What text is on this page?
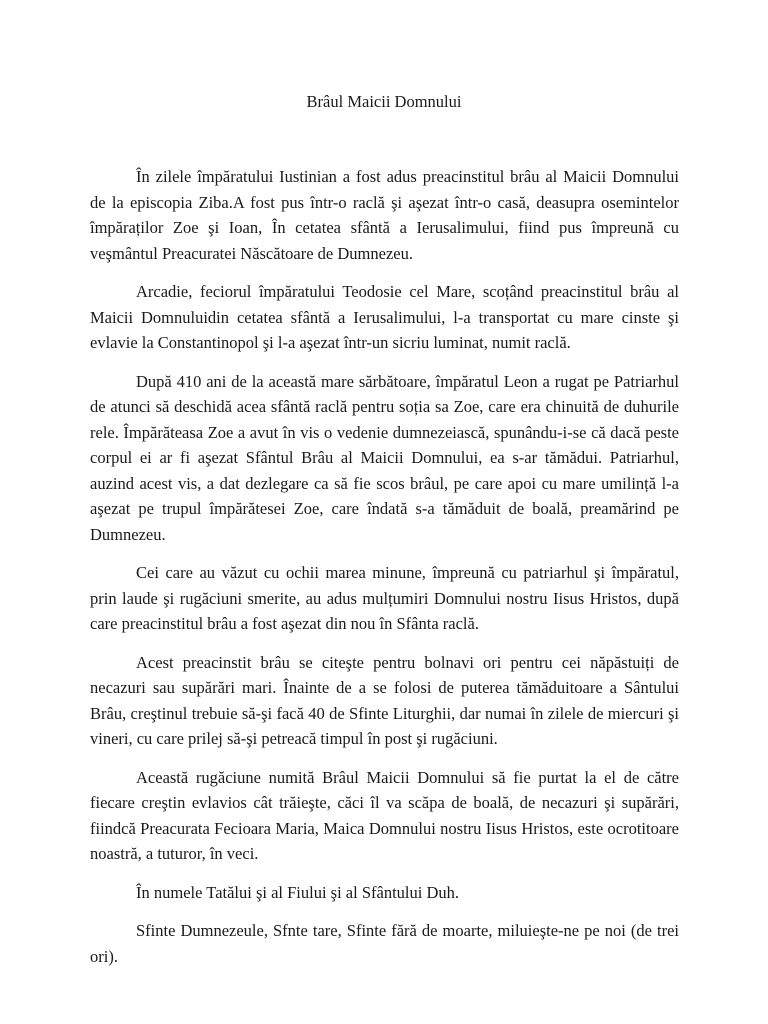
Brâul Maicii Domnului

În zilele împăratului Iustinian a fost adus preacinstitul brâu al Maicii Domnului de la episcopia Ziba.A fost pus într-o raclă şi aşezat într-o casă, deasupra osemintelor împăraților Zoe şi Ioan, În cetatea sfântă a Ierusalimului, fiind pus împreună cu veşmântul Preacuratei Născătoare de Dumnezeu.

Arcadie, feciorul împăratului Teodosie cel Mare, scoțând preacinstitul brâu al Maicii Domnuluidin cetatea sfântă a Ierusalimului, l-a transportat cu mare cinste şi evlavie la Constantinopol şi l-a aşezat într-un sicriu luminat, numit raclă.

După 410 ani de la această mare sărbătoare, împăratul Leon a rugat pe Patriarhul de atunci să deschidă acea sfântă raclă pentru soția sa Zoe, care era chinuită de duhurile rele. Împărăteasa Zoe a avut în vis o vedenie dumnezeiască, spunându-i-se că dacă peste corpul ei ar fi aşezat Sfântul Brâu al Maicii Domnului, ea s-ar tămădui. Patriarhul, auzind acest vis, a dat dezlegare ca să fie scos brâul, pe care apoi cu mare umilință l-a aşezat pe trupul împărătesei Zoe, care îndată s-a tămăduit de boală, preamărind pe Dumnezeu.

Cei care au văzut cu ochii marea minune, împreună cu patriarhul şi împăratul, prin laude şi rugăciuni smerite, au adus mulțumiri Domnului nostru Iisus Hristos, după care preacinstitul brâu a fost aşezat din nou în Sfânta raclă.

Acest preacinstit brâu se citeşte pentru bolnavi ori pentru cei năpăstuiți de necazuri sau supărări mari. Înainte de a se folosi de puterea tămăduitoare a Sântului Brâu, creştinul trebuie să-şi facă 40 de Sfinte Liturghii, dar numai în zilele de miercuri şi vineri, cu care prilej să-şi petreacă timpul în post şi rugăciuni.

Această rugăciune numită Brâul Maicii Domnului să fie purtat la el de către fiecare creştin evlavios cât trăieşte, căci îl va scăpa de boală, de necazuri şi supărări, fiindcă Preacurata Fecioara Maria, Maica Domnului nostru Iisus Hristos, este ocrotitoare noastră, a tuturor, în veci.

În numele Tatălui şi al Fiului şi al Sfântului Duh.

Sfinte Dumnezeule, Sfnte tare, Sfinte fără de moarte, miluieşte-ne pe noi (de trei ori).
